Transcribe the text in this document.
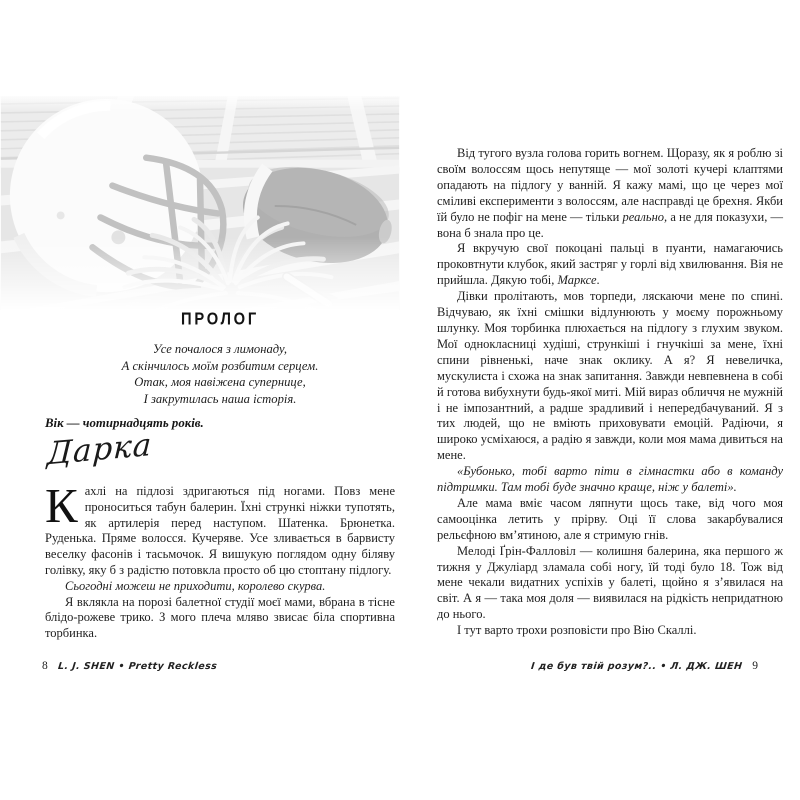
ПРОЛОГ
Усе почалося з лимонаду,
А скінчилось моїм розбитим серцем.
Отак, моя навіжена супернице,
І закрутилась наша історія.
Вік — чотирнадцять років.
Дарка

Кахлі на підлозі здригаються під ногами. Повз мене проноситься табун балерин. Їхні стрункі ніжки тупотять, як артилерія перед наступом. Шатенка. Брюнетка. Руденька. Пряме волосся. Кучеряве. Усе зливається в барвисту веселку фасонів і тасьмочок. Я вишукую поглядом одну біляву голівку, яку б з радістю потовкла просто об цю стоптану підлогу.

Сьогодні можеш не приходити, королево скурва.

Я вклякла на порозі балетної студії моєї мами, вбрана в тісне блідо-рожеве трико. З мого плеча мляво звисає біла спортивна торбинка.

8 L. J. SHEN • Pretty Reckless

Від тугого вузла голова горить вогнем. Щоразу, як я роблю зі своїм волоссям щось непутяще — мої золоті кучері клаптями опадають на підлогу у ванній. Я кажу мамі, що це через мої сміливі експерименти з волоссям, але насправді це брехня. Якби їй було не пофіг на мене — тільки реально, а не для показухи, — вона б знала про це.

Я вкручую свої покоцані пальці в пуанти, намагаючись проковтнути клубок, який застряг у горлі від хвилювання. Вія не прийшла. Дякую тобі, Марксе.

Дівки пролітають, мов торпеди, ляскаючи мене по спині. Відчуваю, як їхні смішки відлунюють у моєму порожньому шлунку. Моя торбинка плюхається на підлогу з глухим звуком. Мої однокласниці худіші, стрункіші і гнучкіші за мене, їхні спини рівненькі, наче знак оклику. А я? Я невеличка, мускулиста і схожа на знак запитання. Завжди невпевнена в собі й готова вибухнути будь-якої миті. Мій вираз обличчя не мужній і не імпозантний, а радше зрадливий і непередбачуваний. Я з тих людей, що не вміють приховувати емоцій. Радіючи, я широко усміхаюся, а радію я завжди, коли моя мама дивиться на мене.

«Бубонько, тобі варто піти в гімнастки або в команду підтримки. Там тобі буде значно краще, ніж у балеті».

Але мама вміє часом ляпнути щось таке, від чого моя самооцінка летить у прірву. Оці її слова закарбувалися рельєфною вм’ятиною, але я стримую гнів.

Мелоді Ґрін-Фалловіл — колишня балерина, яка першого ж тижня у Джуліард зламала собі ногу, їй тоді було 18. Тож від мене чекали видатних успіхів у балеті, щойно я з’явилася на світ. А я — така моя доля — виявилася на рідкість непридатною до нього.

І тут варто трохи розповісти про Вію Скаллі.

І де був твій розум?.. • Л. ДЖ. ШЕН 9
